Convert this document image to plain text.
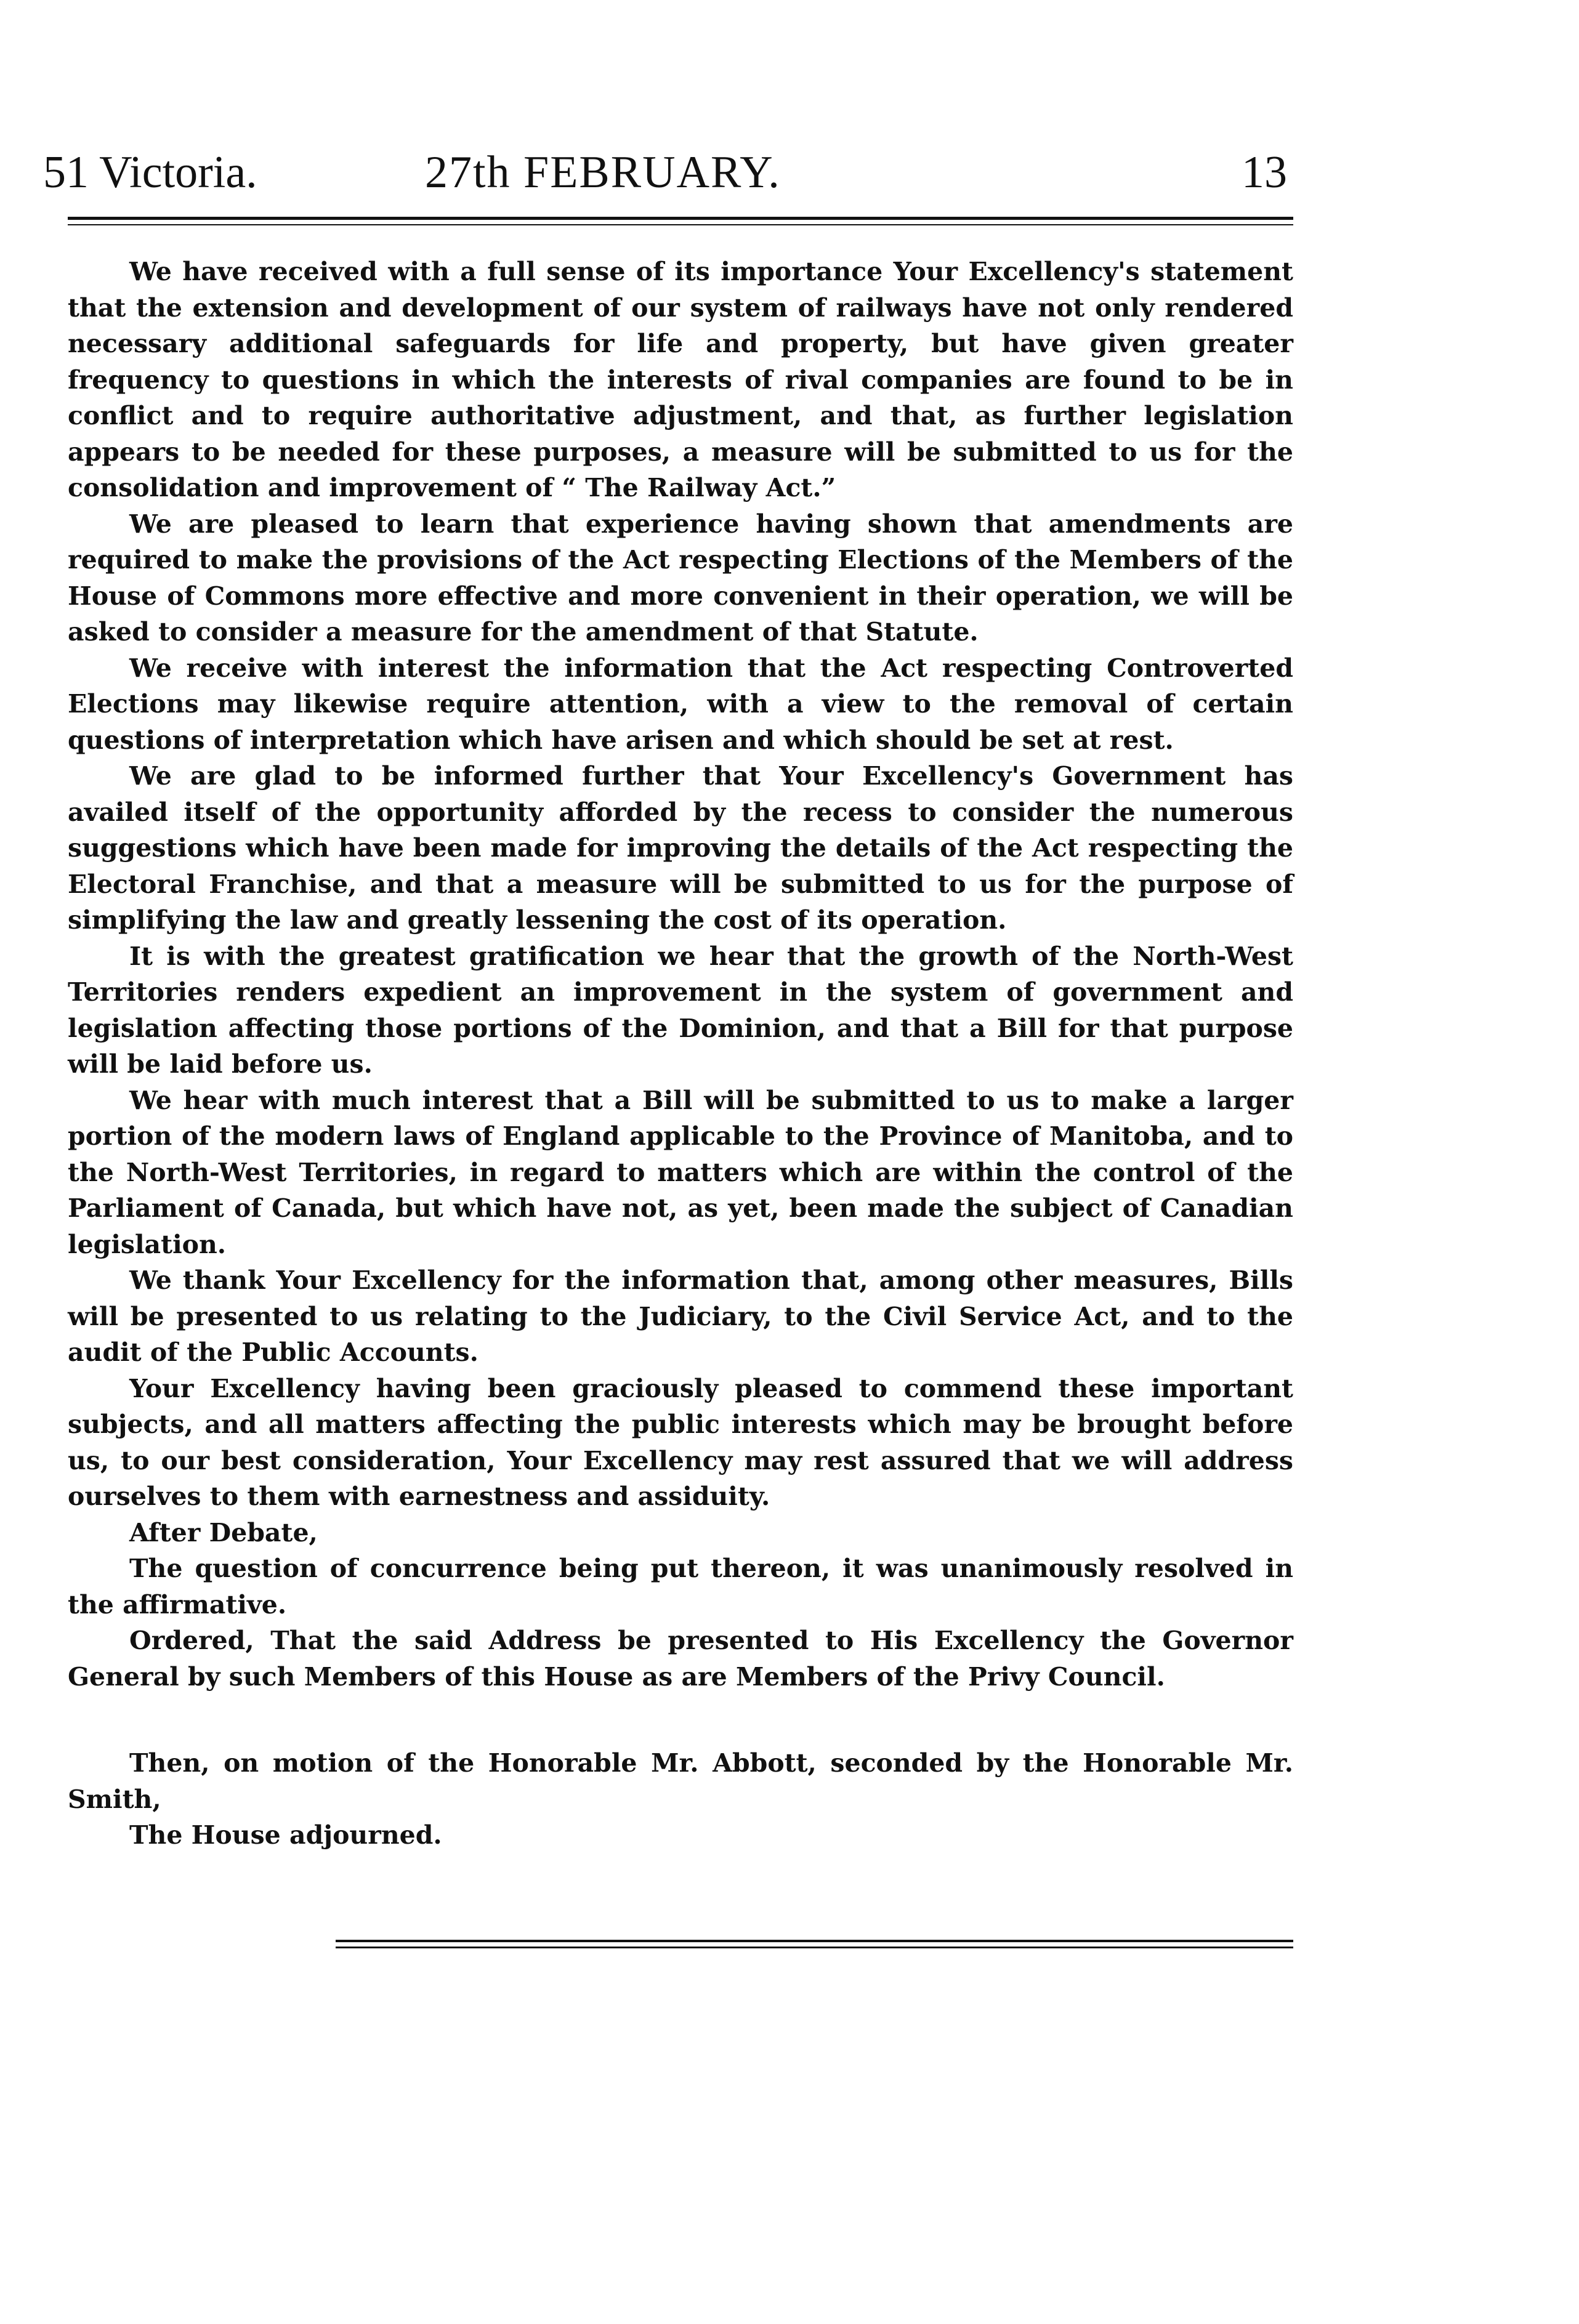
51 Victoria.	27th FEBRUARY.	13

We have received with a full sense of its importance Your Excellency's statement that the extension and development of our system of railways have not only rendered necessary additional safeguards for life and property, but have given greater frequency to questions in which the interests of rival companies are found to be in conflict and to require authoritative adjustment, and that, as further legislation appears to be needed for these purposes, a measure will be submitted to us for the consolidation and improvement of “ The Railway Act.”

We are pleased to learn that experience having shown that amendments are required to make the provisions of the Act respecting Elections of the Members of the House of Commons more effective and more convenient in their operation, we will be asked to consider a measure for the amendment of that Statute.

We receive with interest the information that the Act respecting Controverted Elections may likewise require attention, with a view to the removal of certain questions of interpretation which have arisen and which should be set at rest.

We are glad to be informed further that Your Excellency's Government has availed itself of the opportunity afforded by the recess to consider the numerous suggestions which have been made for improving the details of the Act respecting the Electoral Franchise, and that a measure will be submitted to us for the purpose of simplifying the law and greatly lessening the cost of its operation.

It is with the greatest gratification we hear that the growth of the North-West Territories renders expedient an improvement in the system of government and legislation affecting those portions of the Dominion, and that a Bill for that purpose will be laid before us.

We hear with much interest that a Bill will be submitted to us to make a larger portion of the modern laws of England applicable to the Province of Manitoba, and to the North-West Territories, in regard to matters which are within the control of the Parliament of Canada, but which have not, as yet, been made the subject of Canadian legislation.

We thank Your Excellency for the information that, among other measures, Bills will be presented to us relating to the Judiciary, to the Civil Service Act, and to the audit of the Public Accounts.

Your Excellency having been graciously pleased to commend these important subjects, and all matters affecting the public interests which may be brought before us, to our best consideration, Your Excellency may rest assured that we will address ourselves to them with earnestness and assiduity.

After Debate,

The question of concurrence being put thereon, it was unanimously resolved in the affirmative.

Ordered, That the said Address be presented to His Excellency the Governor General by such Members of this House as are Members of the Privy Council.

Then, on motion of the Honorable Mr. Abbott, seconded by the Honorable Mr. Smith,

The House adjourned.
